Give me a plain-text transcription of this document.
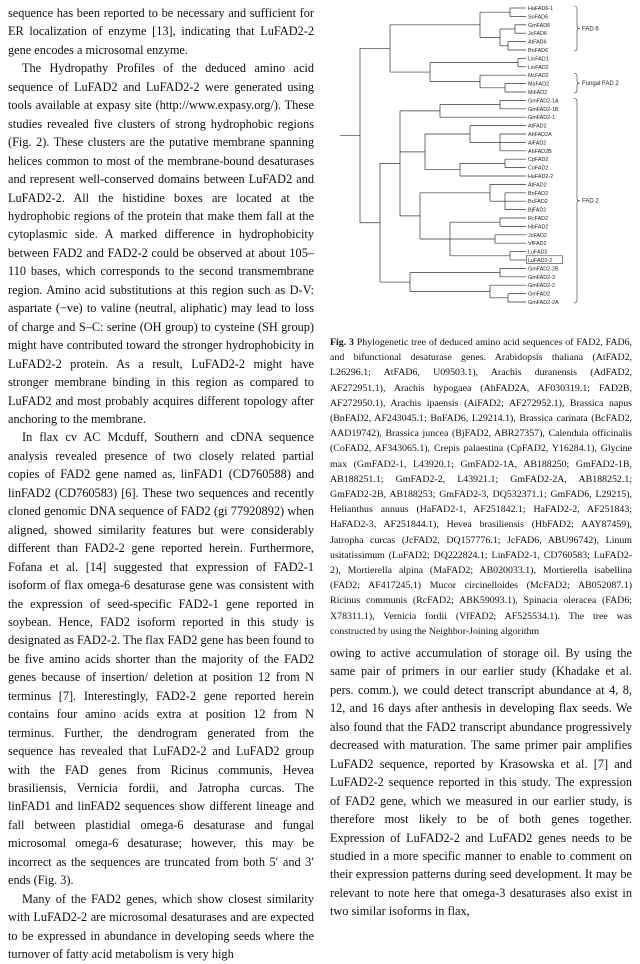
sequence has been reported to be necessary and sufficient for ER localization of enzyme [13], indicating that LuFAD2-2 gene encodes a microsomal enzyme.

The Hydropathy Profiles of the deduced amino acid sequence of LuFAD2 and LuFAD2-2 were generated using tools available at expasy site (http://www.expasy.org/). These studies revealed five clusters of strong hydrophobic regions (Fig. 2). These clusters are the putative membrane spanning helices common to most of the membrane-bound desaturases and represent well-conserved domains between LuFAD2 and LuFAD2-2. All the histidine boxes are located at the hydrophobic regions of the protein that make them fall at the cytoplasmic side. A marked difference in hydrophobicity between FAD2 and FAD2-2 could be observed at about 105–110 bases, which corresponds to the second transmembrane region. Amino acid substitutions at this region such as D-V: aspartate (−ve) to valine (neutral, aliphatic) may lead to loss of charge and S–C: serine (OH group) to cysteine (SH group) might have contributed toward the stronger hydrophobicity in LuFAD2-2 protein. As a result, LuFAD2-2 might have stronger membrane binding in this region as compared to LuFAD2 and most probably acquires different topology after anchoring to the membrane.

In flax cv AC Mcduff, Southern and cDNA sequence analysis revealed presence of two closely related partial copies of FAD2 gene named as, linFAD1 (CD760588) and linFAD2 (CD760583) [6]. These two sequences and recently cloned genomic DNA sequence of FAD2 (gi 77920892) when aligned, showed similarity features but were considerably different than FAD2-2 gene reported herein. Furthermore, Fofana et al. [14] suggested that expression of FAD2-1 isoform of flax omega-6 desaturase gene was consistent with the expression of seed-specific FAD2-1 gene reported in soybean. Hence, FAD2 isoform reported in this study is designated as FAD2-2. The flax FAD2 gene has been found to be five amino acids shorter than the majority of the FAD2 genes because of insertion/ deletion at position 12 from N terminus [7]. Interestingly, FAD2-2 gene reported herein contains four amino acids extra at position 12 from N terminus. Further, the dendrogram generated from the sequence has revealed that LuFAD2-2 and LuFAD2 group with the FAD genes from Ricinus communis, Hevea brasiliensis, Vernicia fordii, and Jatropha curcas. The linFAD1 and linFAD2 sequences show different lineage and fall between plastidial omega-6 desaturase and fungal microsomal omega-6 desaturase; however, this may be incorrect as the sequences are truncated from both 5′ and 3′ ends (Fig. 3).

Many of the FAD2 genes, which show closest similarity with LuFAD2-2 are microsomal desaturases and are expected to be expressed in abundance in developing seeds where the turnover of fatty acid metabolism is very high

HaFAD6-1
SoFAD6
GmFAD6
JcFAD6
AtFAD6
BnFAD6
LinFAD1
LinFAD2
McFAD2
MaFAD2
MiFAD2
GmFAD2-1A
GmFAD2-1B
GmFAD2-1
AtFAD2
AhFAD2A
AiFAD2
AhFAD2B
CpFAD2
CoFAD2
HaFAD2-2
AtFAD2
BnFAD2
BcFAD2
BjFAD2
RcFAD2
HbFAD2
JcFAD2
VfFAD2
LuFAD2
LuFAD2-2
GmFAD2-2B
GmFAD2-3
GmFAD2-2
GmFAD2
GmFAD2-2A
FAD 6
Fungal FAD 2
FAD 2
Fig. 3 Phylogenetic tree of deduced amino acid sequences of FAD2, FAD6, and bifunctional desaturase genes. Arabidopsis thaliana (AtFAD2, L26296.1; AtFAD6, U09503.1), Arachis duranensis (AdFAD2, AF272951.1), Arachis hypogaea (AhFAD2A, AF030319.1; FAD2B, AF272950.1), Arachis ipaensis (AiFAD2; AF272952.1), Brassica napus (BnFAD2, AF243045.1; BnFAD6, L29214.1), Brassica carinata (BcFAD2, AAD19742), Brassica juncea (BjFAD2, ABR27357), Calendula officinalis (CoFAD2, AF343065.1), Crepis palaestina (CpFAD2, Y16284.1), Glycine max (GmFAD2-1, L43920.1; GmFAD2-1A, AB188250; GmFAD2-1B, AB188251.1; GmFAD2-2, L43921.1; GmFAD2-2A, AB188252.1; GmFAD2-2B, AB188253; GmFAD2-3, DQ532371.1; GmFAD6, L29215), Helianthus annuus (HaFAD2-1, AF251842.1; HaFAD2-2, AF251843; HaFAD2-3, AF251844.1), Hevea brasiliensis (HbFAD2; AAY87459), Jatropha curcas (JcFAD2, DQ157776.1; JcFAD6, ABU96742), Linum usitatissimum (LuFAD2; DQ222824.1; LinFAD2-1, CD760583; LuFAD2-2), Mortierella alpina (MaFAD2; AB020033.1), Mortierella isabellina (FAD2; AF417245.1) Mucor circinelloides (McFAD2; AB052087.1) Ricinus communis (RcFAD2; ABK59093.1), Spinacia oleracea (FAD6; X78311.1), Vernicia fordii (VfFAD2; AF525534.1). The tree was constructed by using the Neighbor-Joining algorithm

owing to active accumulation of storage oil. By using the same pair of primers in our earlier study (Khadake et al. pers. comm.), we could detect transcript abundance at 4, 8, 12, and 16 days after anthesis in developing flax seeds. We also found that the FAD2 transcript abundance progressively decreased with maturation. The same primer pair amplifies LuFAD2 sequence, reported by Krasowska et al. [7] and LuFAD2-2 sequence reported in this study. The expression of FAD2 gene, which we measured in our earlier study, is therefore most likely to be of both genes together. Expression of LuFAD2-2 and LuFAD2 genes needs to be studied in a more specific manner to enable to comment on their expression patterns during seed development. It may be relevant to note here that omega-3 desaturases also exist in two similar isoforms in flax,
